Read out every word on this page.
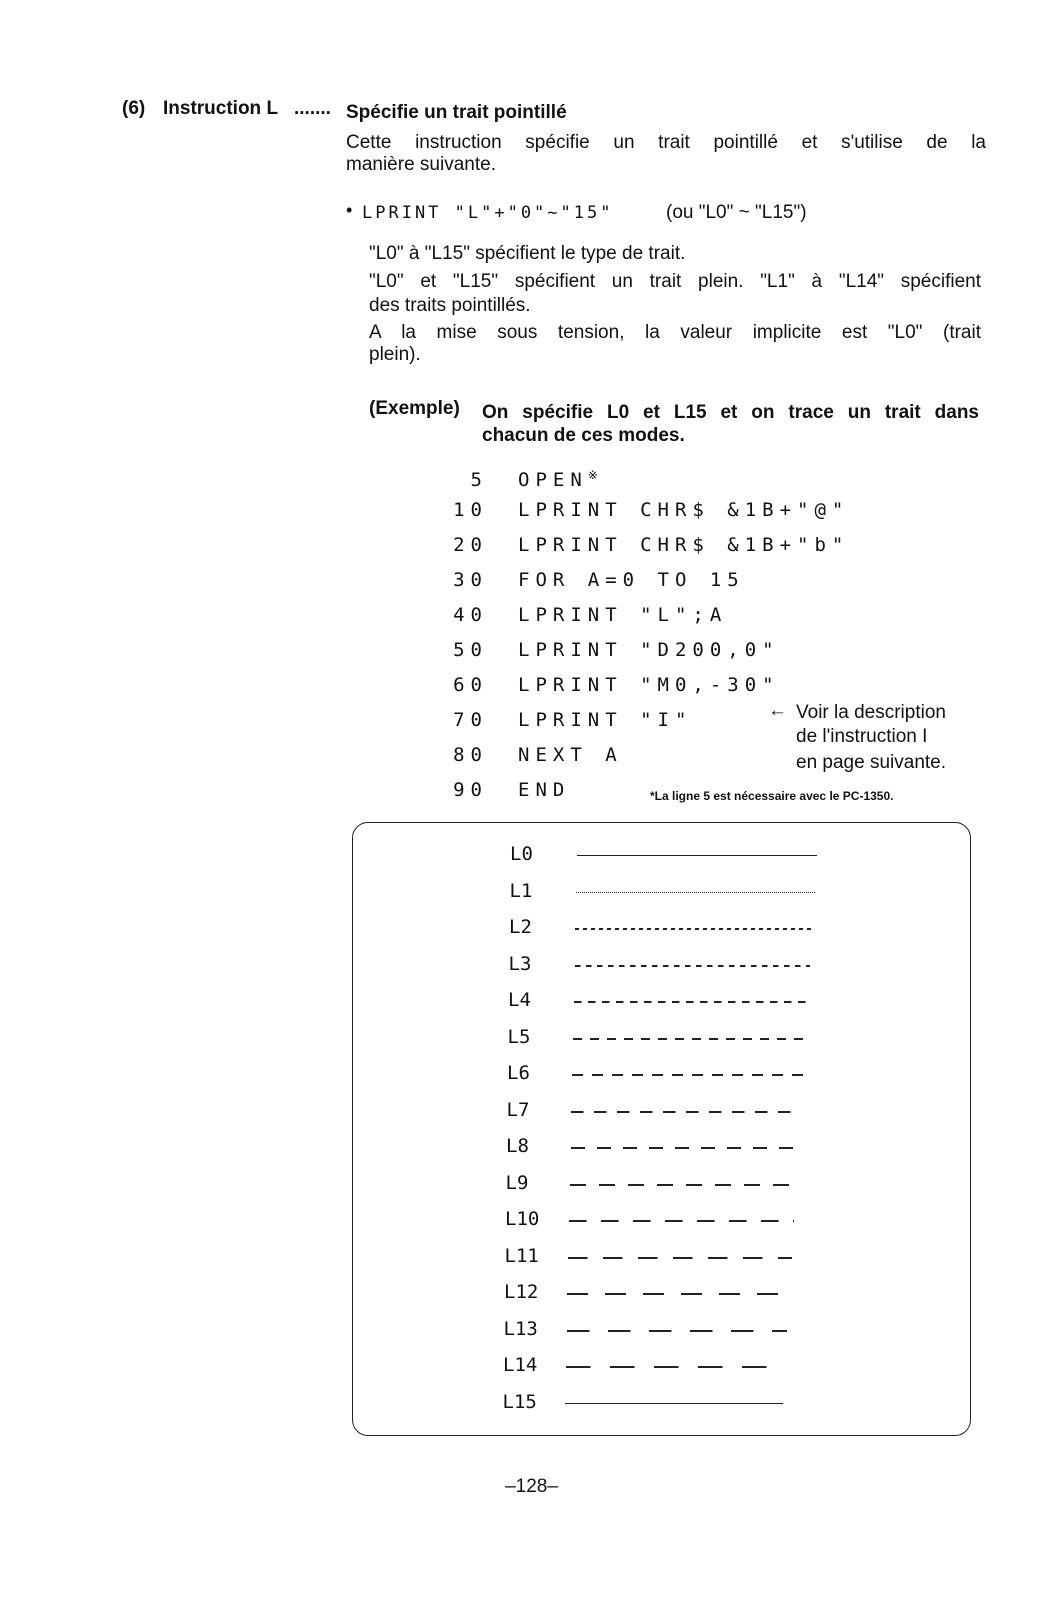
(6) Instruction L ....... Spécifie un trait pointillé
Cette instruction spécifie un trait pointillé et s'utilise de la
manière suivante.
• LPRINT "L"+"0"~"15"	(ou "L0" ~ "L15")
"L0" à "L15" spécifient le type de trait.
"L0" et "L15" spécifient un trait plein. "L1" à "L14" spécifient
des traits pointillés.
A la mise sous tension, la valeur implicite est "L0" (trait
plein).
(Exemple) On spécifie L0 et L15 et on trace un trait dans
chacun de ces modes.
5 OPEN※
10 LPRINT CHR$ &1B+"@"
20 LPRINT CHR$ &1B+"b"
30 FOR A=0 TO 15
40 LPRINT "L";A
50 LPRINT "D200,0"
60 LPRINT "M0,-30"
70 LPRINT "I"
80 NEXT A
90 END
← Voir la description
de l'instruction I
en page suivante.
*La ligne 5 est nécessaire avec le PC-1350.
L0
L1
L2
L3
L4
L5
L6
L7
L8
L9
L10
L11
L12
L13
L14
L15
–128–
